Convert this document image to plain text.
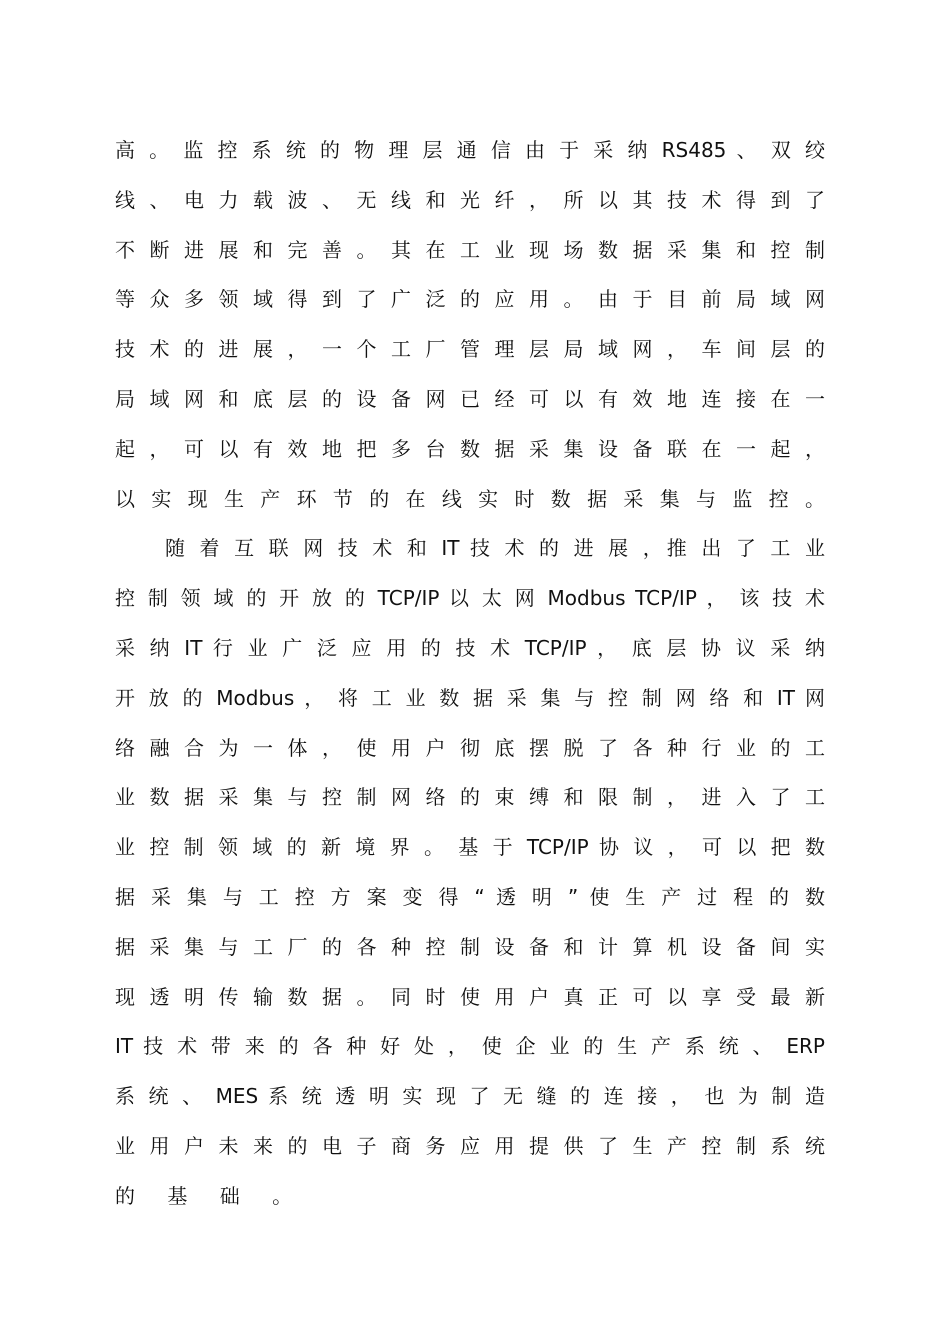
高 。 监 控 系 统 的 物 理 层 通 信 由 于 采 纳 RS485 、 双 绞
线 、 电 力 载 波 、 无 线 和 光 纤 ， 所 以 其 技 术 得 到 了
不 断 进 展 和 完 善 。 其 在 工 业 现 场 数 据 采 集 和 控 制
等 众 多 领 域 得 到 了 广 泛 的 应 用 。 由 于 目 前 局 域 网
技 术 的 进 展 ， 一 个 工 厂 管 理 层 局 域 网 ， 车 间 层 的
局 域 网 和 底 层 的 设 备 网 已 经 可 以 有 效 地 连 接 在 一
起 ， 可 以 有 效 地 把 多 台 数 据 采 集 设 备 联 在 一 起 ，
以 实 现 生 产 环 节 的 在 线 实 时 数 据 采 集 与 监 控 。
随 着 互 联 网 技 术 和 IT 技 术 的 进 展 ，推 出 了 工 业
控 制 领 域 的 开 放 的 TCP/IP 以 太 网 Modbus TCP/IP ， 该 技 术
采 纳 IT 行 业 广 泛 应 用 的 技 术 TCP/IP ， 底 层 协 议 采 纳
开 放 的 Modbus ， 将 工 业 数 据 采 集 与 控 制 网 络 和 IT 网
络 融 合 为 一 体 ， 使 用 户 彻 底 摆 脱 了 各 种 行 业 的 工
业 数 据 采 集 与 控 制 网 络 的 束 缚 和 限 制 ， 进 入 了 工
业 控 制 领 域 的 新 境 界 。 基 于 TCP/IP 协 议 ， 可 以 把 数
据 采 集 与 工 控 方 案 变 得 “ 透 明 ” 使 生 产 过 程 的 数
据 采 集 与 工 厂 的 各 种 控 制 设 备 和 计 算 机 设 备 间 实
现 透 明 传 输 数 据 。 同 时 使 用 户 真 正 可 以 享 受 最 新
IT 技 术 带 来 的 各 种 好 处 ， 使 企 业 的 生 产 系 统 、 ERP
系 统 、 MES 系 统 透 明 实 现 了 无 缝 的 连 接 ， 也 为 制 造
业 用 户 未 来 的 电 子 商 务 应 用 提 供 了 生 产 控 制 系 统
的 基 础 。
